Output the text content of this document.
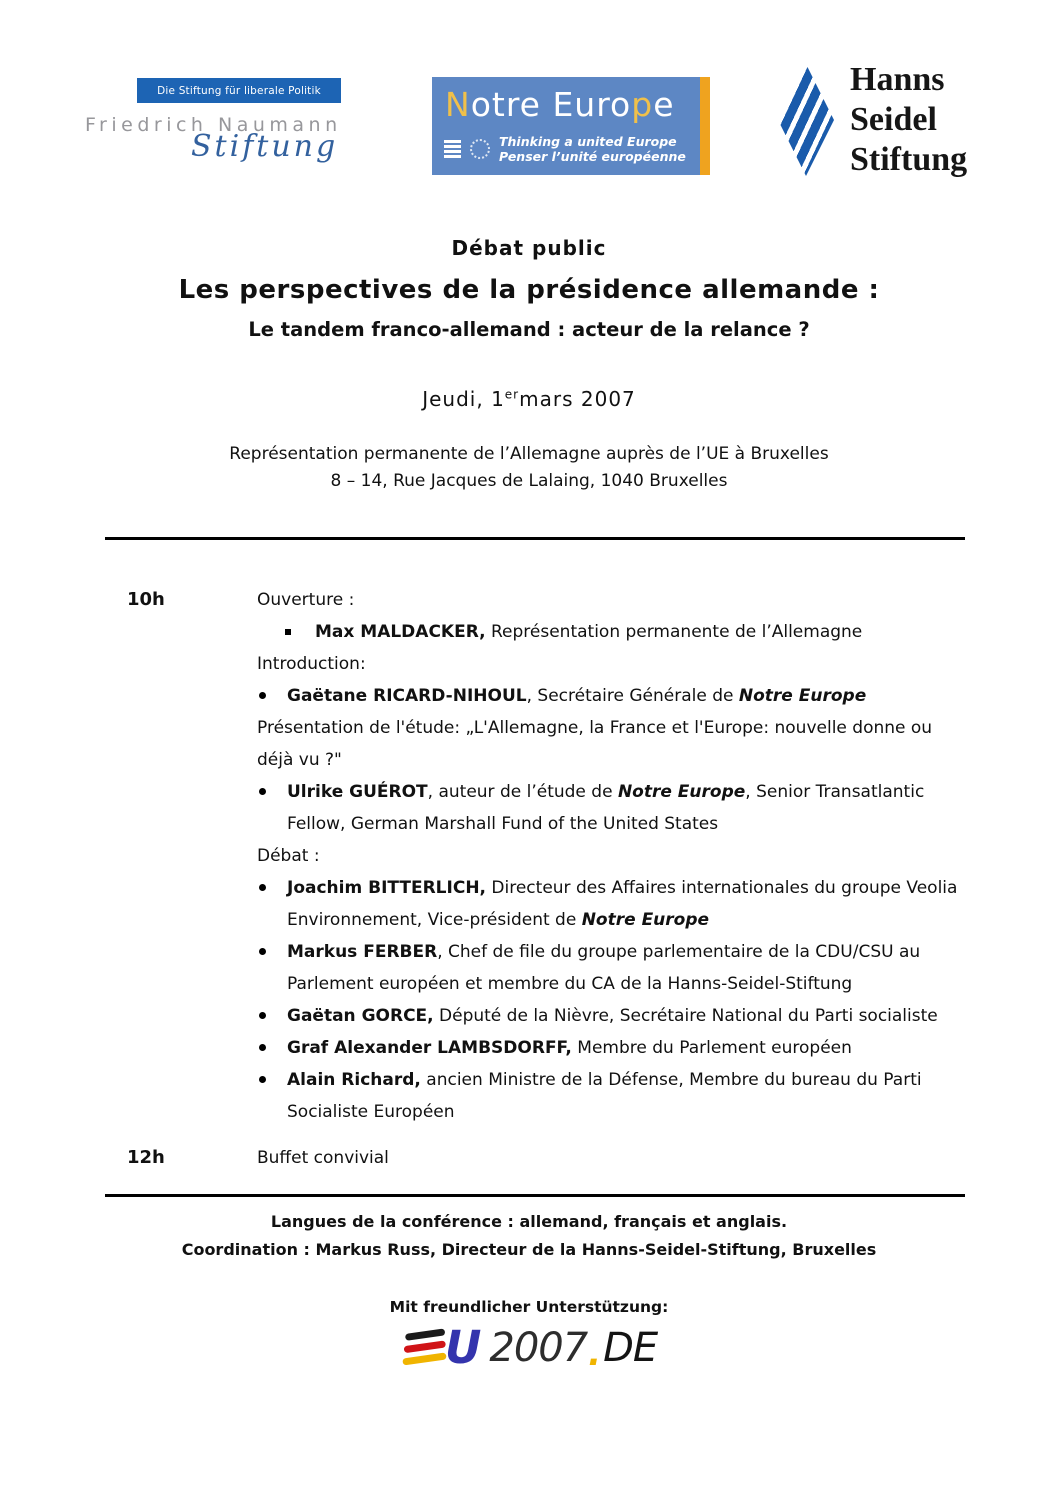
Die Stiftung für liberale Politik
Friedrich Naumann
Stiftung
Notre Europe
Thinking a united Europe
Penser l’unité européenne
Hanns
Seidel
Stiftung
Débat public
Les perspectives de la présidence allemande :
Le tandem franco-allemand : acteur de la relance ?
Jeudi, 1ermars 2007
Représentation permanente de l’Allemagne auprès de l’UE à Bruxelles
8 – 14, Rue Jacques de Lalaing, 1040 Bruxelles
10h	Ouverture :

Max MALDACKER, Représentation permanente de l’Allemagne

Introduction:

Gaëtane RICARD-NIHOUL, Secrétaire Générale de Notre Europe

Présentation de l'étude: „L'Allemagne, la France et l'Europe: nouvelle donne ou déjà vu ?"

Ulrike GUÉROT, auteur de l’étude de Notre Europe, Senior Transatlantic Fellow, German Marshall Fund of the United States

Débat :

Joachim BITTERLICH, Directeur des Affaires internationales du groupe Veolia Environnement, Vice-président de Notre Europe

Markus FERBER, Chef de file du groupe parlementaire de la CDU/CSU au Parlement européen et membre du CA de la Hanns-Seidel-Stiftung

Gaëtan GORCE, Député de la Nièvre, Secrétaire National du Parti socialiste

Graf Alexander LAMBSDORFF, Membre du Parlement européen

Alain Richard, ancien Ministre de la Défense, Membre du bureau du Parti Socialiste Européen

12h	Buffet convivial
Langues de la conférence : allemand, français et anglais.
Coordination : Markus Russ, Directeur de la Hanns-Seidel-Stiftung, Bruxelles
Mit freundlicher Unterstützung:
U 2007 . DE
